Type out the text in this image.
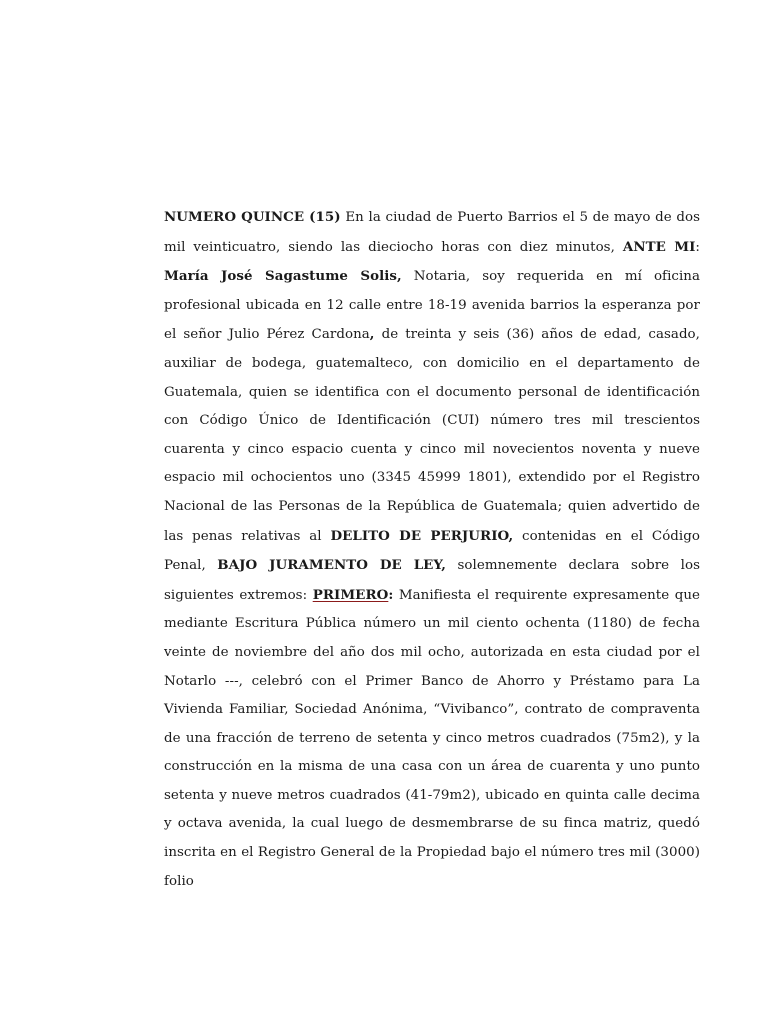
NUMERO QUINCE (15) En la ciudad de Puerto Barrios el 5 de mayo de dos mil veinticuatro, siendo las dieciocho horas con diez minutos, ANTE MI: María José Sagastume Solis, Notaria, soy requerida en mí oficina profesional ubicada en 12 calle entre 18-19 avenida barrios la esperanza por el señor Julio Pérez Cardona, de treinta y seis (36) años de edad, casado, auxiliar de bodega, guatemalteco, con domicilio en el departamento de Guatemala, quien se identifica con el documento personal de identificación con Código Único de Identificación (CUI) número tres mil trescientos cuarenta y cinco espacio cuenta y cinco mil novecientos noventa y nueve espacio mil ochocientos uno (3345 45999 1801), extendido por el Registro Nacional de las Personas de la República de Guatemala; quien advertido de las penas relativas al DELITO DE PERJURIO, contenidas en el Código Penal, BAJO JURAMENTO DE LEY, solemnemente declara sobre los siguientes extremos: PRIMERO: Manifiesta el requirente expresamente que mediante Escritura Pública número un mil ciento ochenta (1180) de fecha veinte de noviembre del año dos mil ocho, autorizada en esta ciudad por el Notarlo ---, celebró con el Primer Banco de Ahorro y Préstamo para La Vivienda Familiar, Sociedad Anónima, “Vivibanco”, contrato de compraventa de una fracción de terreno de setenta y cinco metros cuadrados (75m2), y la construcción en la misma de una casa con un área de cuarenta y uno punto setenta y nueve metros cuadrados (41-79m2), ubicado en quinta calle decima y octava avenida, la cual luego de desmembrarse de su finca matriz, quedó inscrita en el Registro General de la Propiedad bajo el número tres mil (3000) folio
